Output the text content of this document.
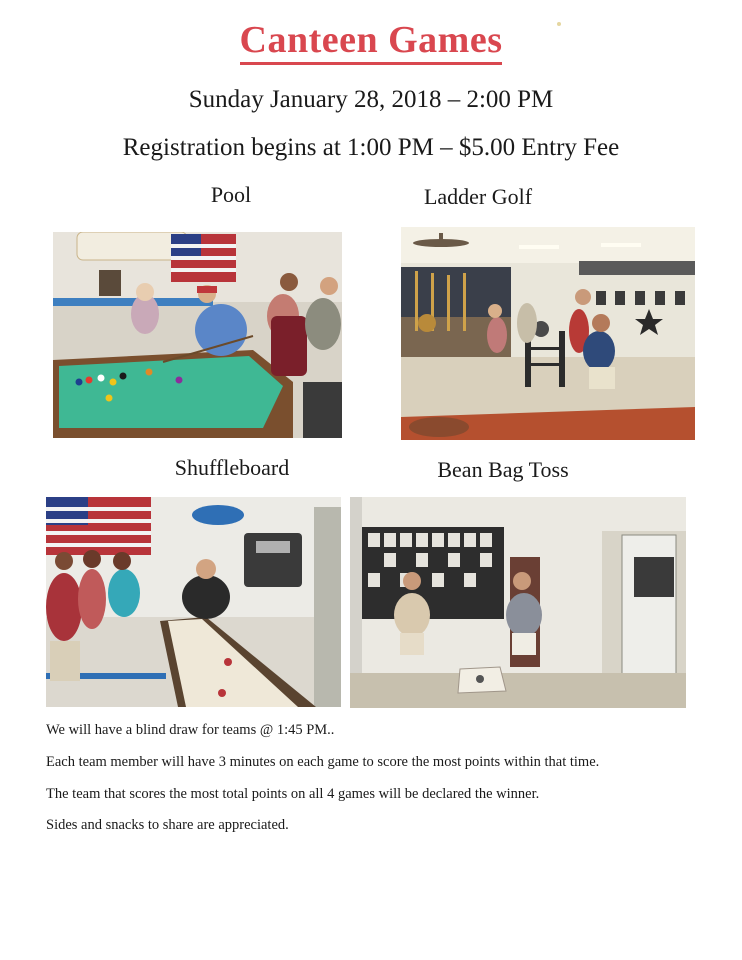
Canteen Games
Sunday January 28, 2018 – 2:00 PM
Registration begins at 1:00 PM – $5.00 Entry Fee
Pool	Ladder Golf
Shuffleboard	Bean Bag Toss
We will have a blind draw for teams @ 1:45 PM..
Each team member will have 3 minutes on each game to score the most points within that time.
The team that scores the most total points on all 4 games will be declared the winner.
Sides and snacks to share are appreciated.
